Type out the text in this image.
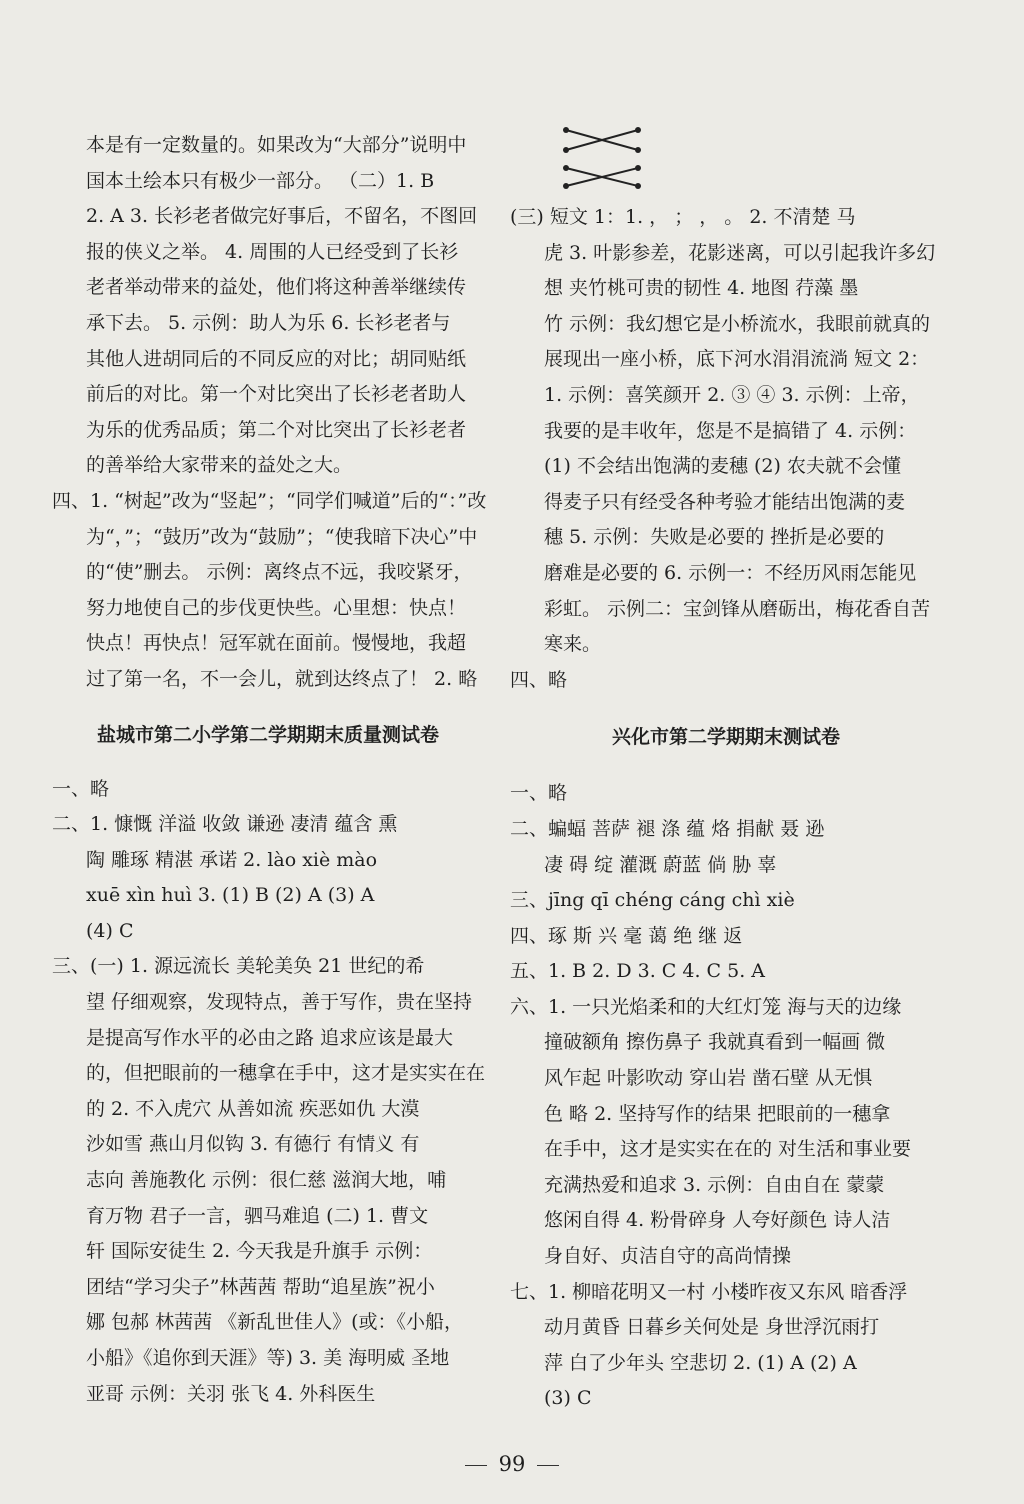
本是有一定数量的。如果改为“大部分”说明中
国本土绘本只有极少一部分。 （二）1. B
2. A 3. 长衫老者做完好事后，不留名，不图回
报的侠义之举。 4. 周围的人已经受到了长衫
老者举动带来的益处，他们将这种善举继续传
承下去。 5. 示例：助人为乐 6. 长衫老者与
其他人进胡同后的不同反应的对比；胡同贴纸
前后的对比。第一个对比突出了长衫老者助人
为乐的优秀品质；第二个对比突出了长衫老者
的善举给大家带来的益处之大。
四、1. “树起”改为“竖起”；“同学们喊道”后的“：”改
为“，”；“鼓历”改为“鼓励”；“使我暗下决心”中
的“使”删去。 示例：离终点不远，我咬紧牙，
努力地使自己的步伐更快些。心里想：快点！
快点！再快点！冠军就在面前。慢慢地，我超
过了第一名，不一会儿，就到达终点了！ 2. 略
盐城市第二小学第二学期期末质量测试卷
一、略
二、1. 慷慨 洋溢 收敛 谦逊 凄清 蕴含 熏
陶 雕琢 精湛 承诺 2. lào xiè mào
xuē xìn huì 3. (1) B (2) A (3) A
(4) C
三、(一) 1. 源远流长 美轮美奂 21 世纪的希
望 仔细观察，发现特点，善于写作，贵在坚持
是提高写作水平的必由之路 追求应该是最大
的，但把眼前的一穗拿在手中，这才是实实在在
的 2. 不入虎穴 从善如流 疾恶如仇 大漠
沙如雪 燕山月似钩 3. 有德行 有情义 有
志向 善施教化 示例：很仁慈 滋润大地，哺
育万物 君子一言，驷马难追 (二) 1. 曹文
轩 国际安徒生 2. 今天我是升旗手 示例：
团结“学习尖子”林茜茜 帮助“追星族”祝小
娜 包郝 林茜茜 《新乱世佳人》(或：《小船，
小船》《追你到天涯》等) 3. 美 海明威 圣地
亚哥 示例：关羽 张飞 4. 外科医生
(三) 短文 1：1. ， ； ， 。 2. 不清楚 马
虎 3. 叶影参差，花影迷离，可以引起我许多幻
想 夹竹桃可贵的韧性 4. 地图 荇藻 墨
竹 示例：我幻想它是小桥流水，我眼前就真的
展现出一座小桥，底下河水涓涓流淌 短文 2：
1. 示例：喜笑颜开 2. ③ ④ 3. 示例：上帝，
我要的是丰收年，您是不是搞错了 4. 示例：
(1) 不会结出饱满的麦穗 (2) 农夫就不会懂
得麦子只有经受各种考验才能结出饱满的麦
穗 5. 示例：失败是必要的 挫折是必要的
磨难是必要的 6. 示例一：不经历风雨怎能见
彩虹。 示例二：宝剑锋从磨砺出，梅花香自苦
寒来。
四、略
兴化市第二学期期末测试卷
一、略
二、蝙蝠 菩萨 褪 涤 蕴 烙 捐献 聂 逊
凄 碍 绽 灌溉 蔚蓝 倘 胁 辜
三、jīng qī chéng cáng chì xiè
四、琢 斯 兴 毫 蔼 绝 继 返
五、1. B 2. D 3. C 4. C 5. A
六、1. 一只光焰柔和的大红灯笼 海与天的边缘
撞破额角 擦伤鼻子 我就真看到一幅画 微
风乍起 叶影吹动 穿山岩 凿石壁 从无惧
色 略 2. 坚持写作的结果 把眼前的一穗拿
在手中，这才是实实在在的 对生活和事业要
充满热爱和追求 3. 示例：自由自在 蒙蒙
悠闲自得 4. 粉骨碎身 人夸好颜色 诗人洁
身自好、贞洁自守的高尚情操
七、1. 柳暗花明又一村 小楼昨夜又东风 暗香浮
动月黄昏 日暮乡关何处是 身世浮沉雨打
萍 白了少年头 空悲切 2. (1) A (2) A
(3) C
99
